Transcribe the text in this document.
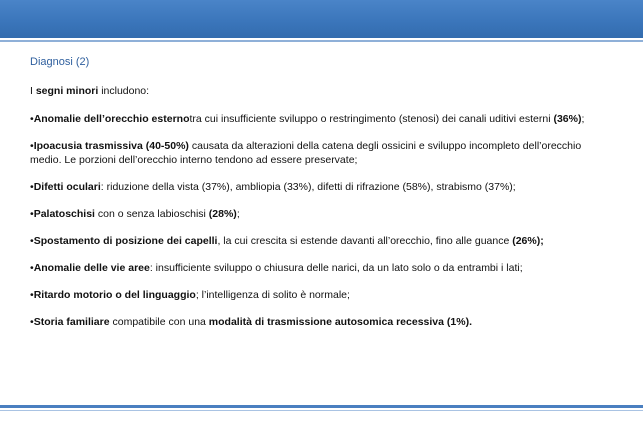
Diagnosi (2)

I segni minori includono:

•Anomalie dell’orecchio esternotra cui insufficiente sviluppo o restringimento (stenosi) dei canali uditivi esterni (36%);

•Ipoacusia trasmissiva (40-50%) causata da alterazioni della catena degli ossicini e sviluppo incompleto dell’orecchio medio. Le porzioni dell’orecchio interno tendono ad essere preservate;

•Difetti oculari: riduzione della vista (37%), ambliopia (33%), difetti di rifrazione (58%), strabismo (37%);

•Palatoschisi con o senza labioschisi (28%);

•Spostamento di posizione dei capelli, la cui crescita si estende davanti all’orecchio, fino alle guance (26%);

•Anomalie delle vie aree: insufficiente sviluppo o chiusura delle narici, da un lato solo o da entrambi i lati;

•Ritardo motorio o del linguaggio; l’intelligenza di solito è normale;

•Storia familiare compatibile con una modalità di trasmissione autosomica recessiva (1%).
